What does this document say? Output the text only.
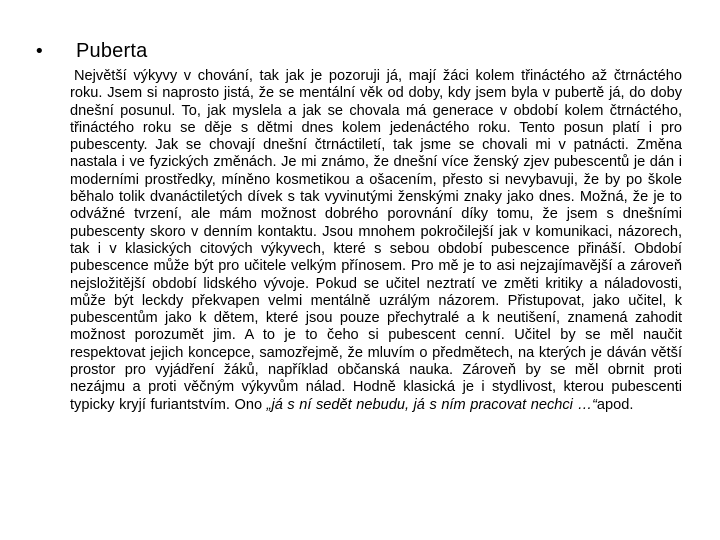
•	Puberta
Největší výkyvy v chování, tak jak je pozoruji já, mají žáci kolem třináctého až čtrnáctého roku. Jsem si naprosto jistá, že se mentální věk od doby, kdy jsem byla v pubertě já, do doby dnešní posunul. To, jak myslela a jak se chovala má generace v období kolem čtrnáctého, třináctého roku se děje s dětmi dnes kolem jedenáctého roku. Tento posun platí i pro pubescenty. Jak se chovají dnešní čtrnáctiletí, tak jsme se chovali mi v patnácti. Změna nastala i ve fyzických změnách. Je mi známo, že dnešní více ženský zjev pubescentů je dán i moderními prostředky, míněno kosmetikou a ošacením, přesto si nevybavuji, že by po škole běhalo tolik dvanáctiletých dívek s tak vyvinutými ženskými znaky jako dnes. Možná, že je to odvážné tvrzení, ale mám možnost dobrého porovnání díky tomu, že jsem s dnešními pubescenty skoro v denním kontaktu. Jsou mnohem pokročilejší jak v komunikaci, názorech, tak i v klasických citových výkyvech, které s sebou období pubescence přináší. Období pubescence může být pro učitele velkým přínosem. Pro mě je to asi nejzajímavější a zároveň nejsložitější období lidského vývoje. Pokud se učitel neztratí ve změti kritiky a náladovosti, může být leckdy překvapen velmi mentálně uzrálým názorem. Přistupovat, jako učitel, k pubescentům jako k dětem, které jsou pouze přechytralé a k neutišení, znamená zahodit možnost porozumět jim. A to je to čeho si pubescent cenní. Učitel by se měl naučit respektovat jejich koncepce, samozřejmě, že mluvím o předmětech, na kterých je dáván větší prostor pro vyjádření žáků, například občanská nauka. Zároveň by se měl obrnit proti nezájmu a proti věčným výkyvům nálad. Hodně klasická je i stydlivost, kterou pubescenti typicky kryjí furiantstvím. Ono „já s ní sedět nebudu, já s ním pracovat nechci …“apod.
